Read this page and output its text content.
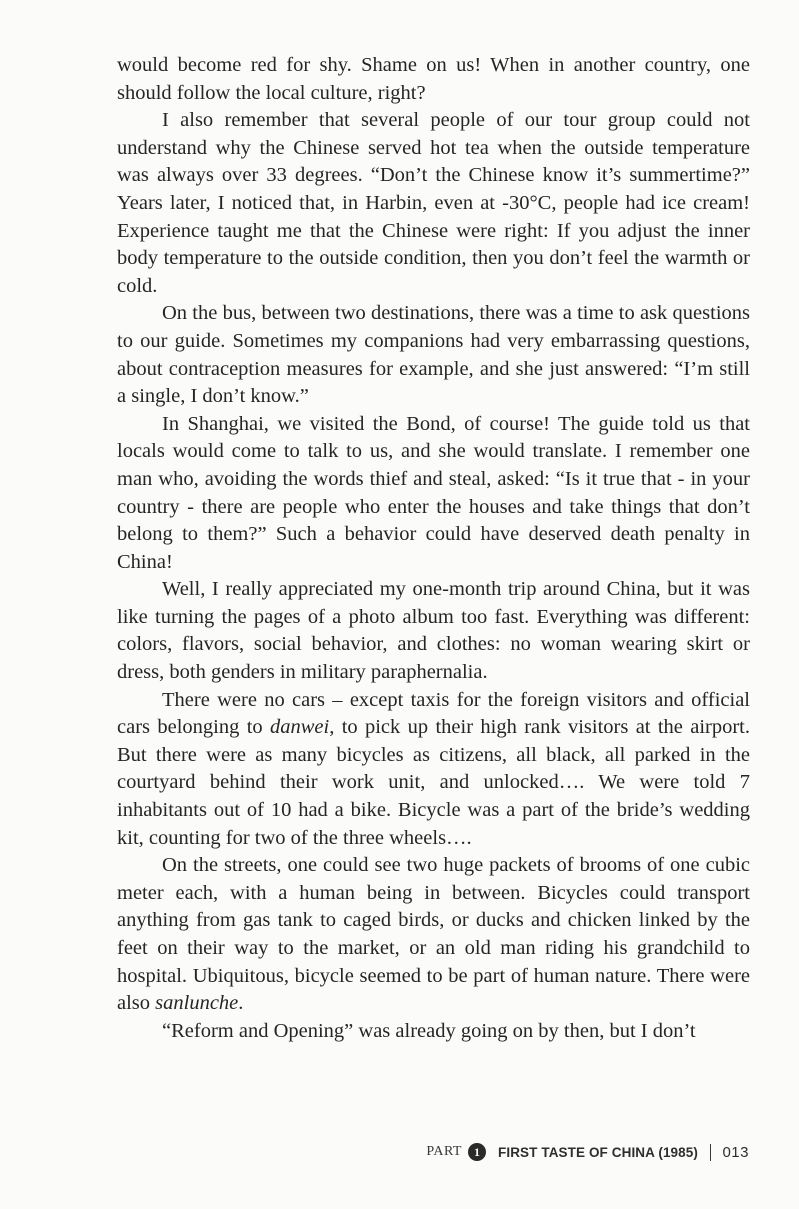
would become red for shy. Shame on us! When in another country, one should follow the local culture, right?

I also remember that several people of our tour group could not understand why the Chinese served hot tea when the outside temperature was always over 33 degrees. “Don’t the Chinese know it’s summertime?” Years later, I noticed that, in Harbin, even at -30°C, people had ice cream! Experience taught me that the Chinese were right: If you adjust the inner body temperature to the outside condition, then you don’t feel the warmth or cold.

On the bus, between two destinations, there was a time to ask questions to our guide. Sometimes my companions had very embarrassing questions, about contraception measures for example, and she just answered: “I’m still a single, I don’t know.”

In Shanghai, we visited the Bond, of course! The guide told us that locals would come to talk to us, and she would translate. I remember one man who, avoiding the words thief and steal, asked: “Is it true that - in your country - there are people who enter the houses and take things that don’t belong to them?” Such a behavior could have deserved death penalty in China!

Well, I really appreciated my one-month trip around China, but it was like turning the pages of a photo album too fast. Everything was different: colors, flavors, social behavior, and clothes: no woman wearing skirt or dress, both genders in military paraphernalia.

There were no cars – except taxis for the foreign visitors and official cars belonging to danwei, to pick up their high rank visitors at the airport. But there were as many bicycles as citizens, all black, all parked in the courtyard behind their work unit, and unlocked…. We were told 7 inhabitants out of 10 had a bike. Bicycle was a part of the bride’s wedding kit, counting for two of the three wheels….

On the streets, one could see two huge packets of brooms of one cubic meter each, with a human being in between. Bicycles could transport anything from gas tank to caged birds, or ducks and chicken linked by the feet on their way to the market, or an old man riding his grandchild to hospital. Ubiquitous, bicycle seemed to be part of human nature. There were also sanlunche.

“Reform and Opening” was already going on by then, but I don’t

PART	1	FIRST TASTE OF CHINA (1985) 013
